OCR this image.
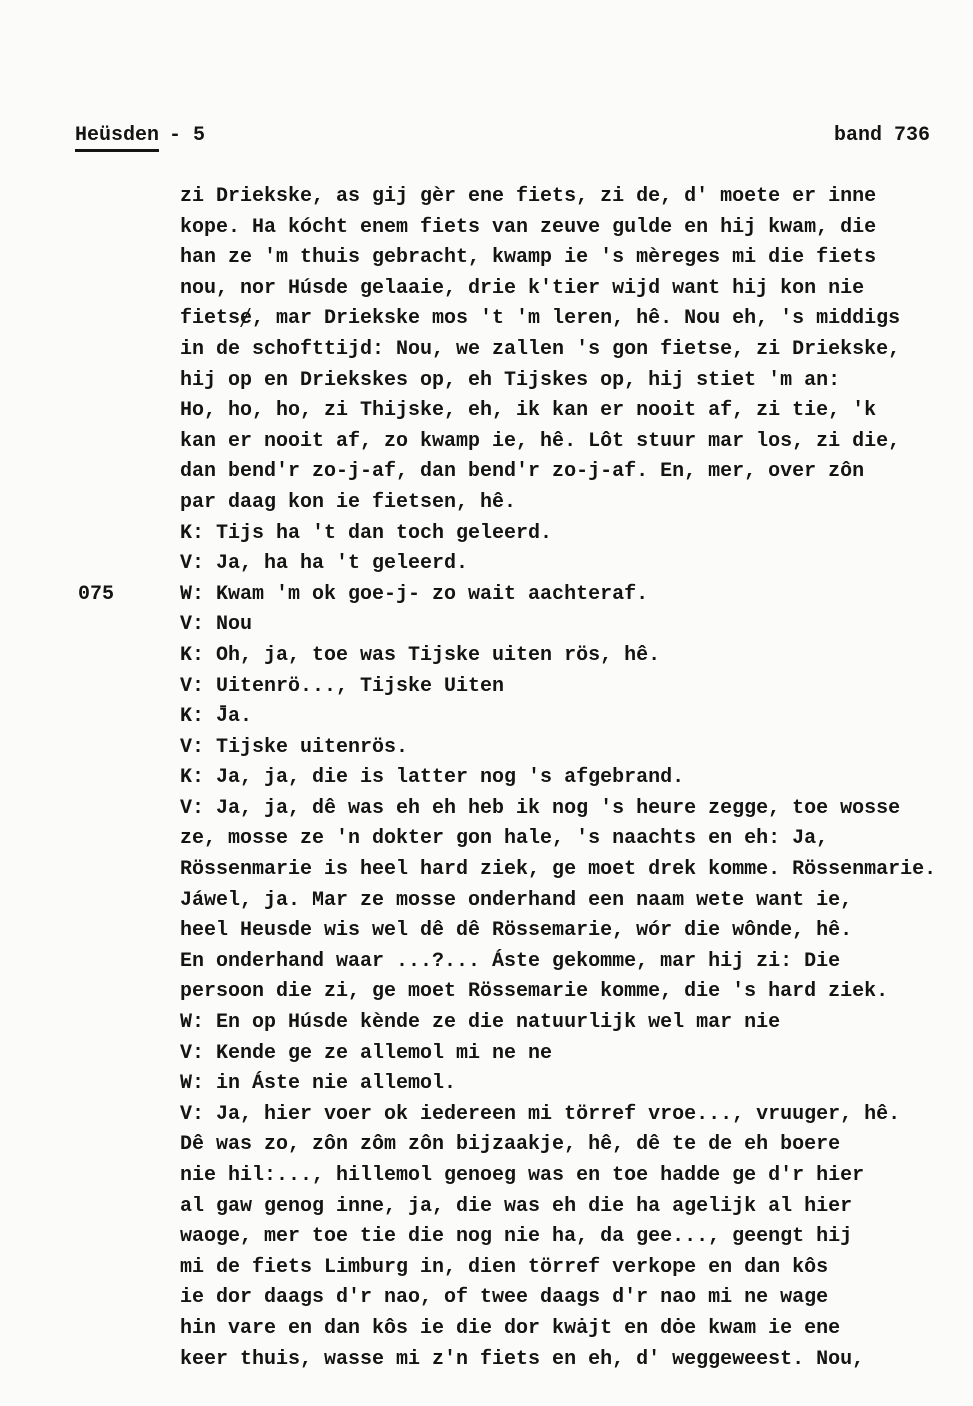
Heüsden - 5	band 736
zi Driekske, as gij gèr ene fiets, zi de, d' moete er inne
kope. Ha kócht enem fiets van zeuve gulde en hij kwam, die
han ze 'm thuis gebracht, kwamp ie 's mèreges mi die fiets
nou, nor Húsde gelaaie, drie k'tier wijd want hij kon nie
fietsɇ, mar Driekske mos 't 'm leren, hê. Nou eh, 's middigs
in de schofttijd: Nou, we zallen 's gon fietse, zi Driekske,
hij op en Driekskes op, eh Tijskes op, hij stiet 'm an:
Ho, ho, ho, zi Thijske, eh, ik kan er nooit af, zi tie, 'k
kan er nooit af, zo kwamp ie, hê. Lôt stuur mar los, zi die,
dan bend'r zo-j-af, dan bend'r zo-j-af. En, mer, over zôn
par daag kon ie fietsen, hê.
K: Tijs ha 't dan toch geleerd.
V: Ja, ha ha 't geleerd.
075	W: Kwam 'm ok goe-j- zo wait aachteraf.
V: Nou
K: Oh, ja, toe was Tijske uiten rös, hê.
V: Uitenrö..., Tijske Uiten
K: J̄a.
V: Tijske uitenrös.
K: Ja, ja, die is latter nog 's afgebrand.
V: Ja, ja, dê was eh eh heb ik nog 's heure zegge, toe wosse
ze, mosse ze 'n dokter gon hale, 's naachts en eh: Ja,
Rössenmarie is heel hard ziek, ge moet drek komme. Rössenmarie.
Jáwel, ja. Mar ze mosse onderhand een naam wete want ie,
heel Heusde wis wel dê dê Rössemarie, wór die wônde, hê.
En onderhand waar ...?... Áste gekomme, mar hij zi: Die
persoon die zi, ge moet Rössemarie komme, die 's hard ziek.
W: En op Húsde kènde ze die natuurlijk wel mar nie
V: Kende ge ze allemol mi ne ne
W: in Áste nie allemol.
V: Ja, hier voer ok iedereen mi törref vroe..., vruuger, hê.
Dê was zo, zôn zôm zôn bijzaakje, hê, dê te de eh boere
nie hil:..., hillemol genoeg was en toe hadde ge d'r hier
al gaw genog inne, ja, die was eh die ha agelijk al hier
waoge, mer toe tie die nog nie ha, da gee..., geengt hij
mi de fiets Limburg in, dien törref verkope en dan kôs
ie dor daags d'r nao, of twee daags d'r nao mi ne wage
hin vare en dan kôs ie die dor kwȧjt en dȯe kwam ie ene
keer thuis, wasse mi z'n fiets en eh, d' weggeweest. Nou,
